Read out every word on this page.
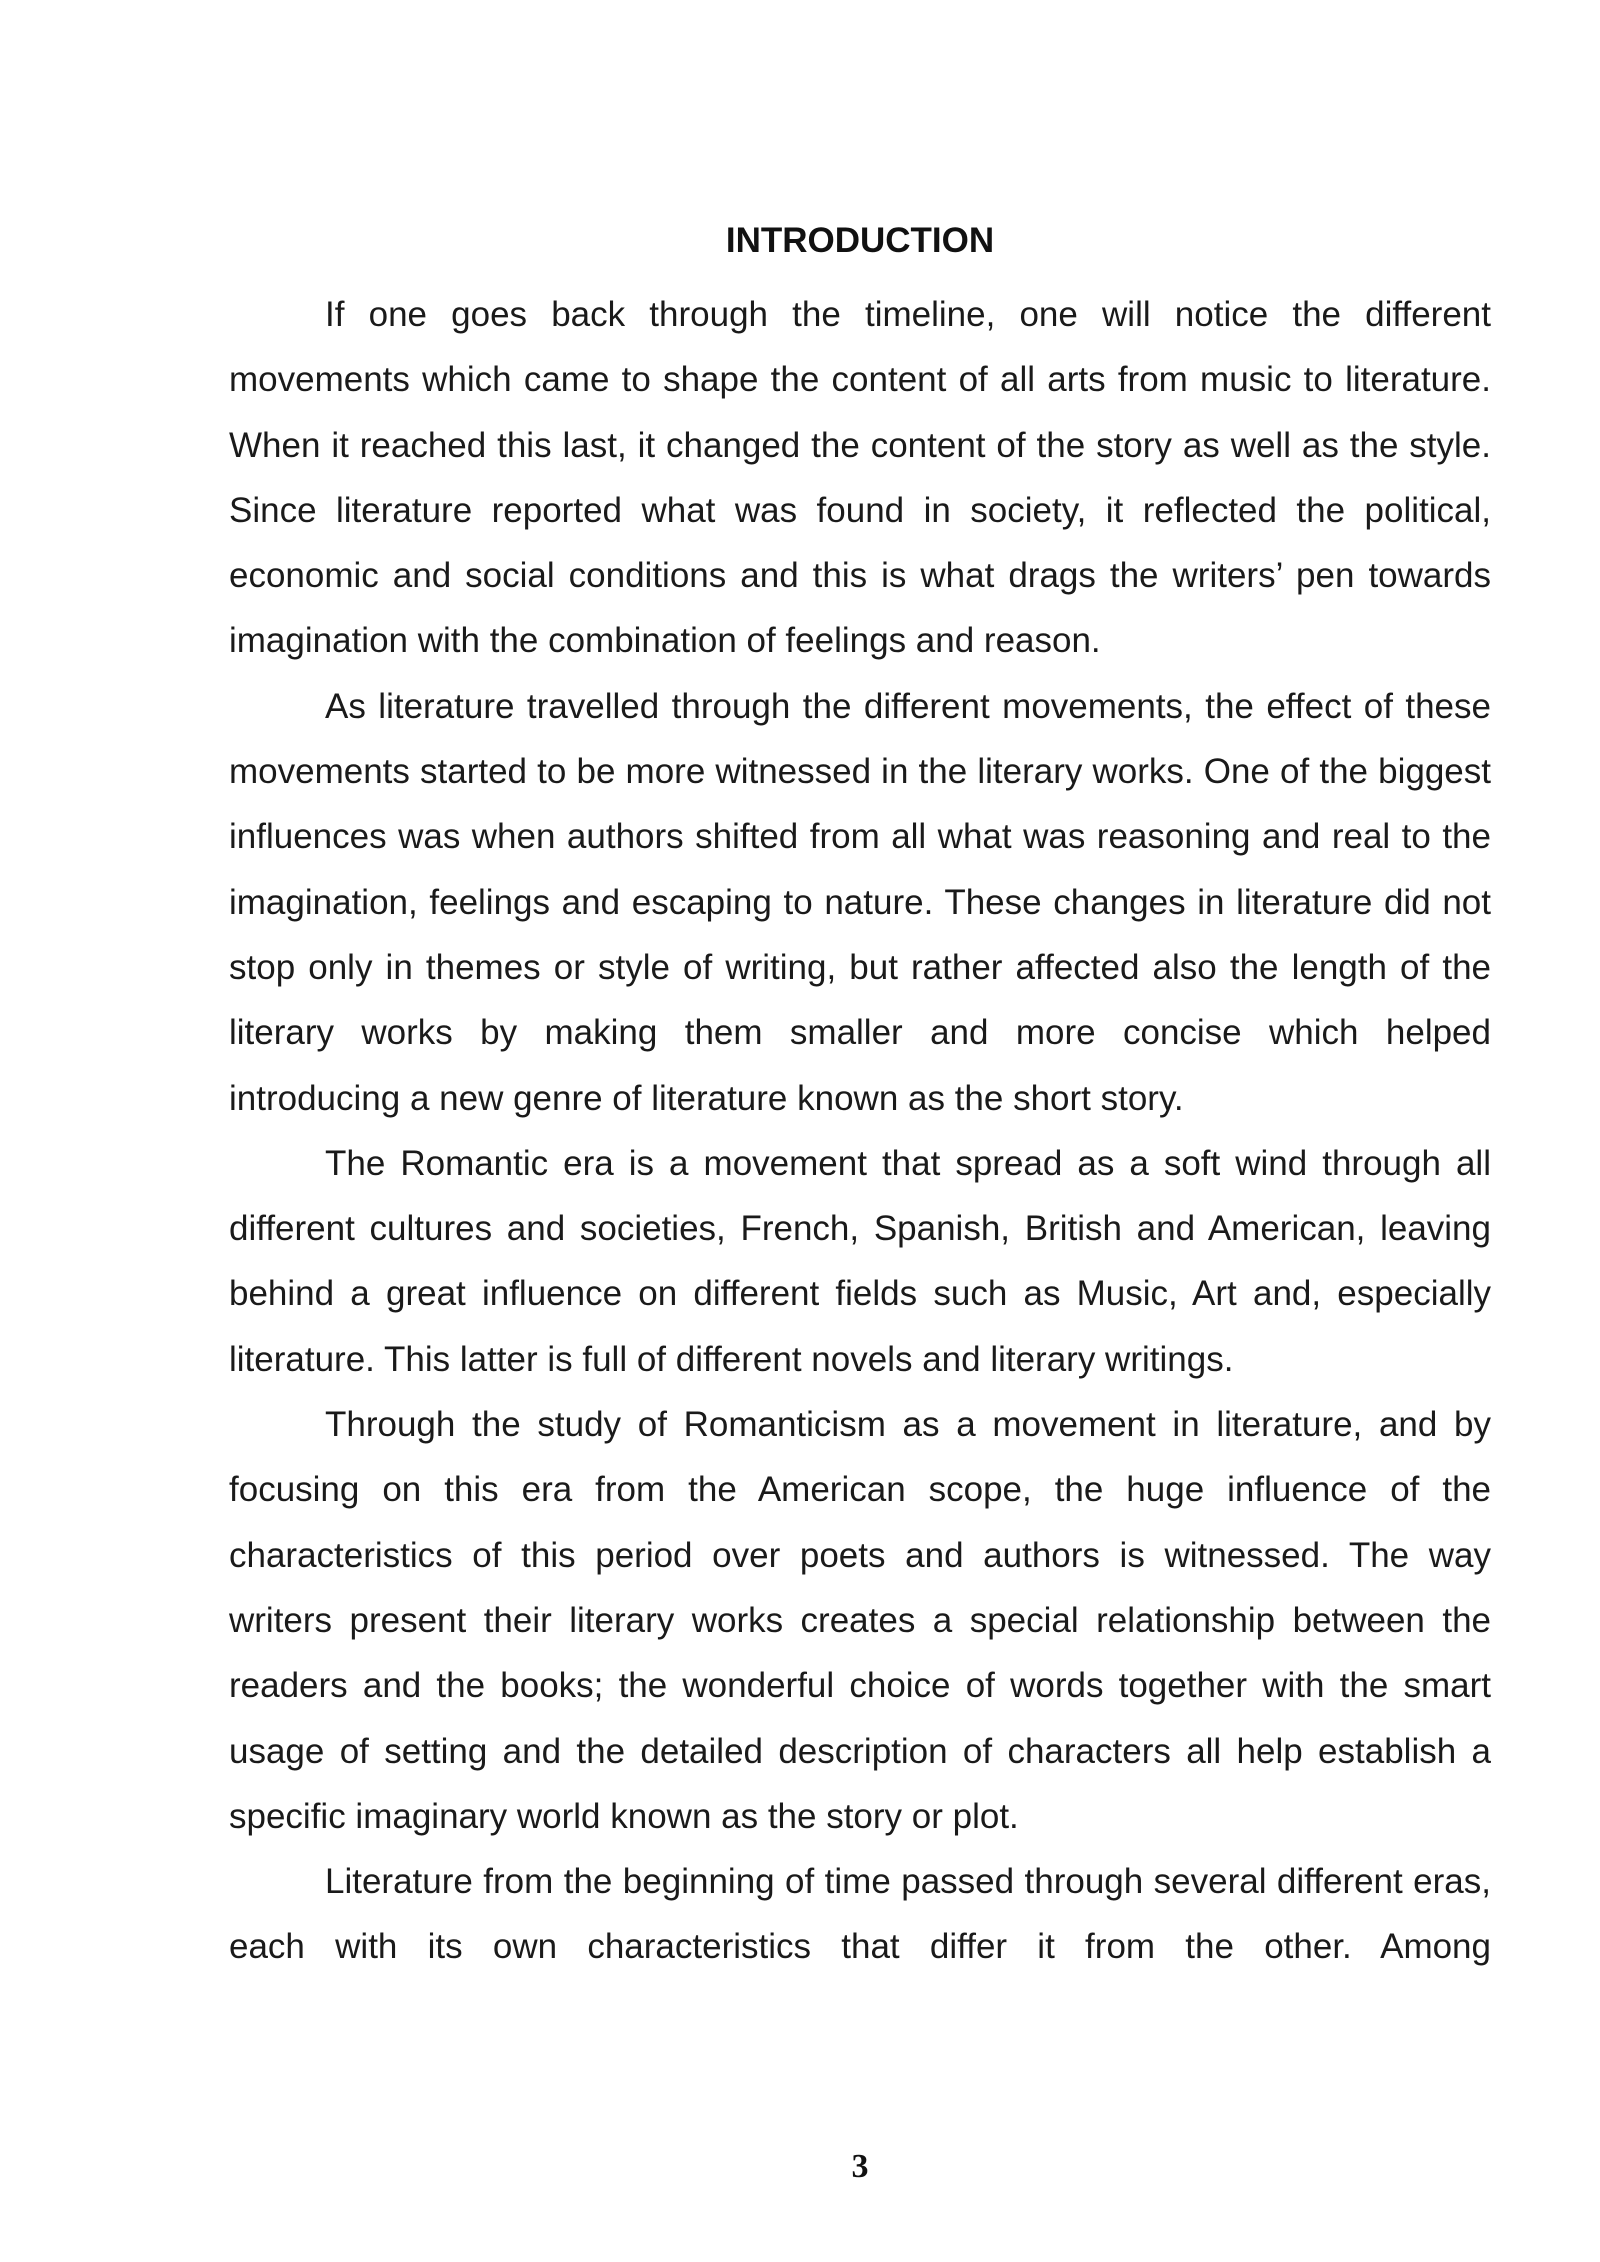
INTRODUCTION

If one goes back through the timeline, one will notice the different movements which came to shape the content of all arts from music to literature. When it reached this last, it changed the content of the story as well as the style. Since literature reported what was found in society, it reflected the political, economic and social conditions and this is what drags the writers’ pen towards imagination with the combination of feelings and reason.

As literature travelled through the different movements, the effect of these movements started to be more witnessed in the literary works. One of the biggest influences was when authors shifted from all what was reasoning and real to the imagination, feelings and escaping to nature. These changes in literature did not stop only in themes or style of writing, but rather affected also the length of the literary works by making them smaller and more concise which helped introducing a new genre of literature known as the short story.

The Romantic era is a movement that spread as a soft wind through all different cultures and societies, French, Spanish, British and American, leaving behind a great influence on different fields such as Music, Art and, especially literature. This latter is full of different novels and literary writings.

Through the study of Romanticism as a movement in literature, and by focusing on this era from the American scope, the huge influence of the characteristics of this period over poets and authors is witnessed. The way writers present their literary works creates a special relationship between the readers and the books; the wonderful choice of words together with the smart usage of setting and the detailed description of characters all help establish a specific imaginary world known as the story or plot.

Literature from the beginning of time passed through several different eras, each with its own characteristics that differ it from the other. Among

3
